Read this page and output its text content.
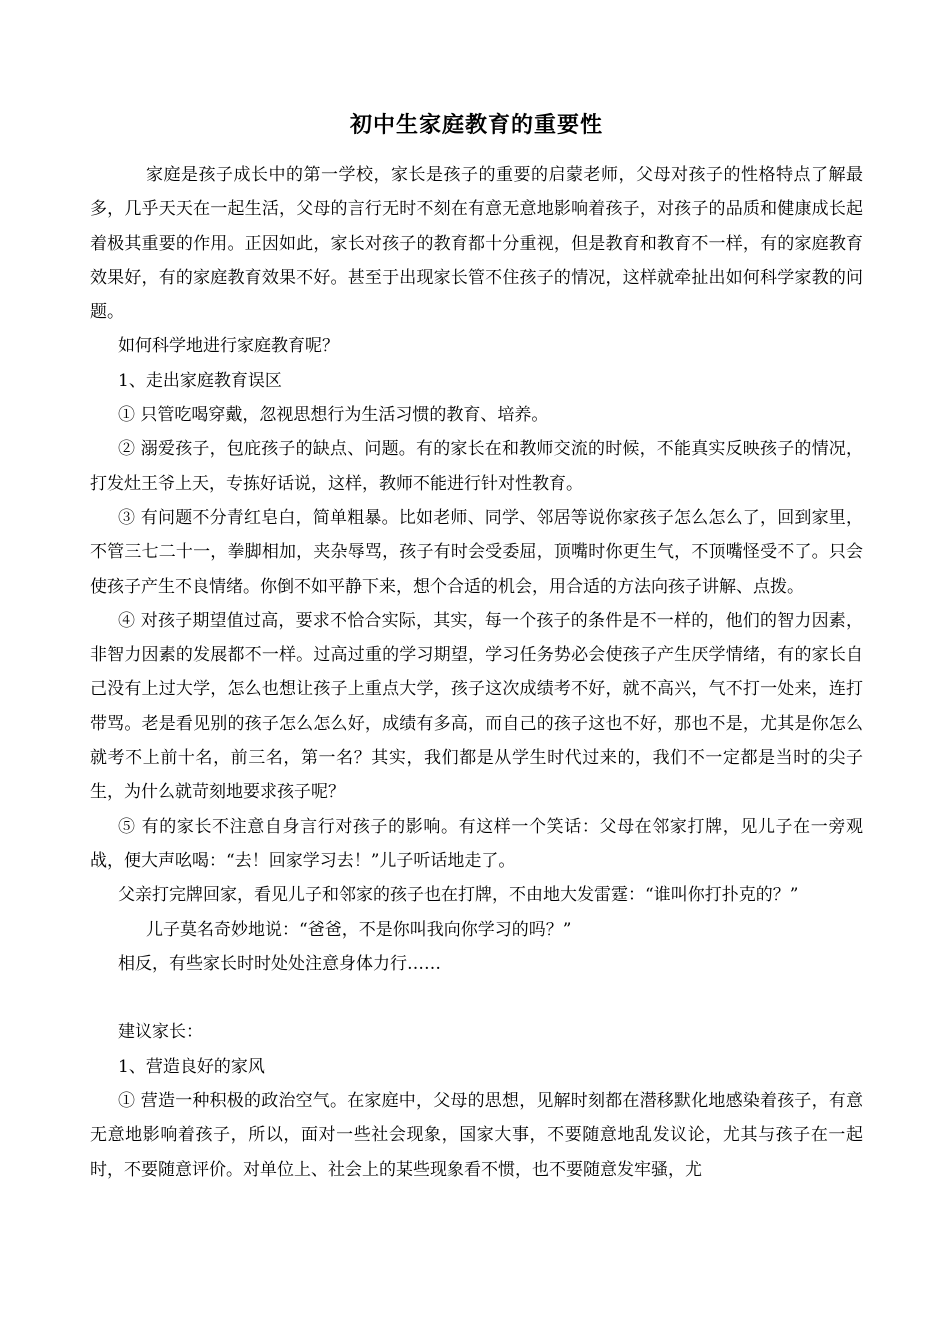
初中生家庭教育的重要性

家庭是孩子成长中的第一学校，家长是孩子的重要的启蒙老师，父母对孩子的性格特点了解最多，几乎天天在一起生活，父母的言行无时不刻在有意无意地影响着孩子，对孩子的品质和健康成长起着极其重要的作用。正因如此，家长对孩子的教育都十分重视，但是教育和教育不一样，有的家庭教育效果好，有的家庭教育效果不好。甚至于出现家长管不住孩子的情况，这样就牵扯出如何科学家教的问题。

如何科学地进行家庭教育呢？

1、走出家庭教育误区

① 只管吃喝穿戴，忽视思想行为生活习惯的教育、培养。

② 溺爱孩子，包庇孩子的缺点、问题。有的家长在和教师交流的时候，不能真实反映孩子的情况，打发灶王爷上天，专拣好话说，这样，教师不能进行针对性教育。

③ 有问题不分青红皂白，简单粗暴。比如老师、同学、邻居等说你家孩子怎么怎么了，回到家里，不管三七二十一，拳脚相加，夹杂辱骂，孩子有时会受委屈，顶嘴时你更生气，不顶嘴怪受不了。只会使孩子产生不良情绪。你倒不如平静下来，想个合适的机会，用合适的方法向孩子讲解、点拨。

④ 对孩子期望值过高，要求不恰合实际，其实，每一个孩子的条件是不一样的，他们的智力因素，非智力因素的发展都不一样。过高过重的学习期望，学习任务势必会使孩子产生厌学情绪，有的家长自己没有上过大学，怎么也想让孩子上重点大学，孩子这次成绩考不好，就不高兴，气不打一处来，连打带骂。老是看见别的孩子怎么怎么好，成绩有多高，而自己的孩子这也不好，那也不是，尤其是你怎么就考不上前十名，前三名，第一名？其实，我们都是从学生时代过来的，我们不一定都是当时的尖子生，为什么就苛刻地要求孩子呢？

⑤ 有的家长不注意自身言行对孩子的影响。有这样一个笑话：父母在邻家打牌，见儿子在一旁观战，便大声吆喝：“去！回家学习去！”儿子听话地走了。

父亲打完牌回家，看见儿子和邻家的孩子也在打牌，不由地大发雷霆：“谁叫你打扑克的？”

儿子莫名奇妙地说：“爸爸，不是你叫我向你学习的吗？”

相反，有些家长时时处处注意身体力行……

建议家长：

1、营造良好的家风

① 营造一种积极的政治空气。在家庭中，父母的思想，见解时刻都在潜移默化地感染着孩子，有意无意地影响着孩子，所以，面对一些社会现象，国家大事，不要随意地乱发议论，尤其与孩子在一起时，不要随意评价。对单位上、社会上的某些现象看不惯，也不要随意发牢骚，尤
